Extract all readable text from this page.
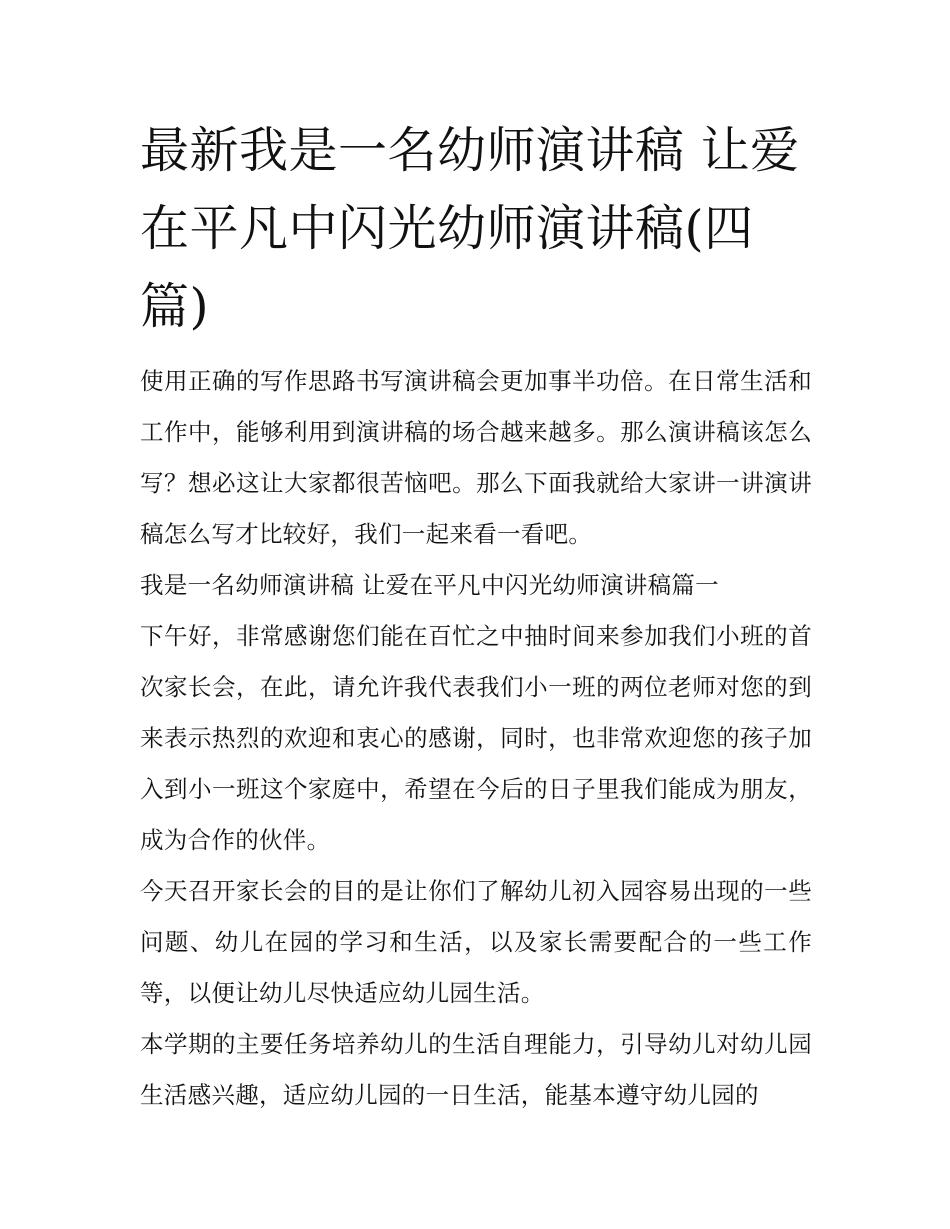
最新我是一名幼师演讲稿 让爱在平凡中闪光幼师演讲稿(四篇)

使用正确的写作思路书写演讲稿会更加事半功倍。在日常生活和工作中，能够利用到演讲稿的场合越来越多。那么演讲稿该怎么写？想必这让大家都很苦恼吧。那么下面我就给大家讲一讲演讲稿怎么写才比较好，我们一起来看一看吧。

我是一名幼师演讲稿 让爱在平凡中闪光幼师演讲稿篇一

下午好，非常感谢您们能在百忙之中抽时间来参加我们小班的首次家长会，在此，请允许我代表我们小一班的两位老师对您的到来表示热烈的欢迎和衷心的感谢，同时，也非常欢迎您的孩子加入到小一班这个家庭中，希望在今后的日子里我们能成为朋友，成为合作的伙伴。

今天召开家长会的目的是让你们了解幼儿初入园容易出现的一些问题、幼儿在园的学习和生活，以及家长需要配合的一些工作等，以便让幼儿尽快适应幼儿园生活。

本学期的主要任务培养幼儿的生活自理能力，引导幼儿对幼儿园生活感兴趣，适应幼儿园的一日生活，能基本遵守幼儿园的
